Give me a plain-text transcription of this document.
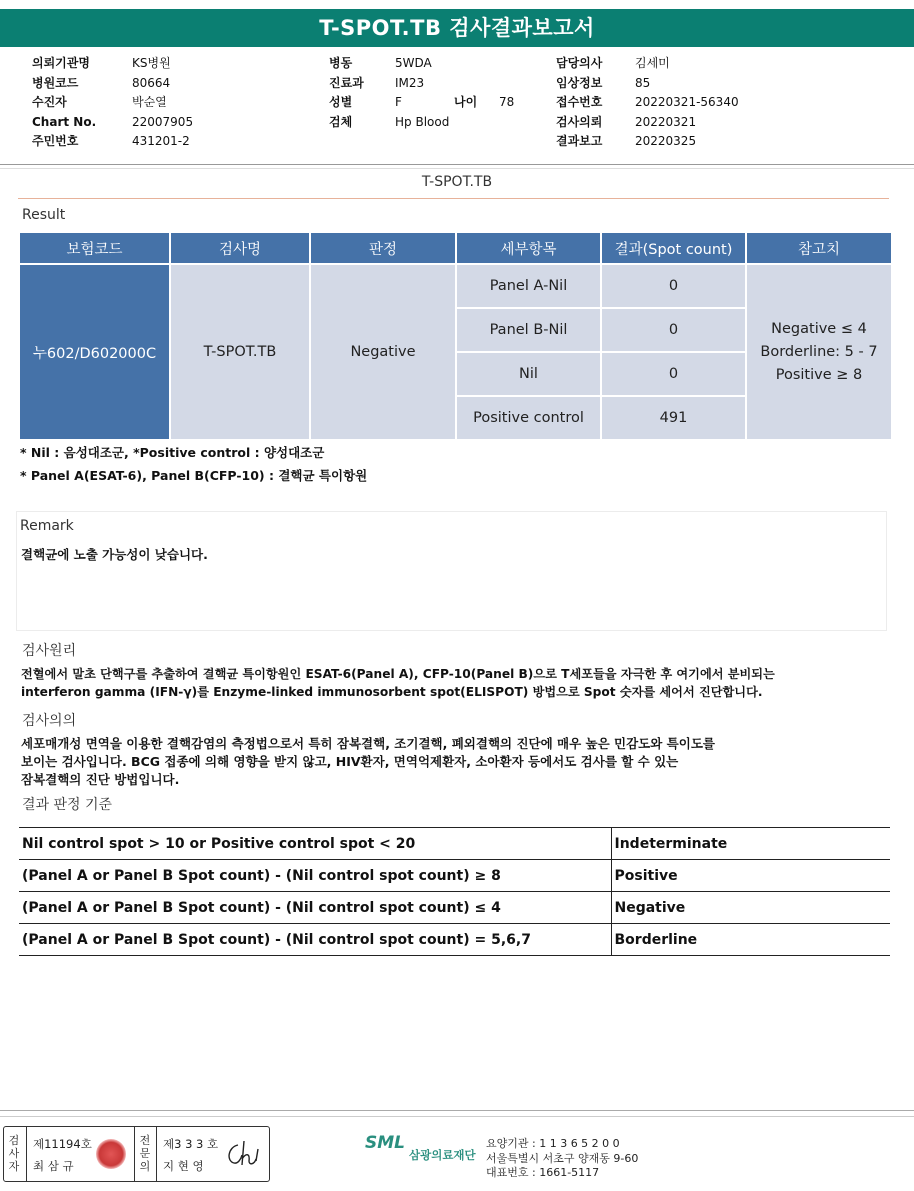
T-SPOT.TB 검사결과보고서
의뢰기관명	KS병원
병원코드	80664
수진자	박순열
Chart No.	22007905
주민번호	431201-2
병동	5WDA
진료과	IM23
성별	F	나이	78
검체	Hp Blood
담당의사	김세미
임상정보	85
접수번호	20220321-56340
검사의뢰	20220321
결과보고	20220325
T-SPOT.TB
Result
보험코드	검사명	판정	세부항목	결과(Spot count)	참고치
누602/D602000C	T-SPOT.TB	Negative	Panel A-Nil	0	Negative ≤ 4
Borderline: 5 - 7
Positive ≥ 8

			Panel B-Nil	0	
			Nil	0	
			Positive control	491	
* Nil : 음성대조군, *Positive control : 양성대조군
* Panel A(ESAT-6), Panel B(CFP-10) : 결핵균 특이항원
Remark
결핵균에 노출 가능성이 낮습니다.
검사원리
전혈에서 말초 단핵구를 추출하여 결핵균 특이항원인 ESAT-6(Panel A), CFP-10(Panel B)으로 T세포들을 자극한 후 여기에서 분비되는
interferon gamma (IFN-γ)를 Enzyme-linked immunosorbent spot(ELISPOT) 방법으로 Spot 숫자를 세어서 진단합니다.
검사의의
세포매개성 면역을 이용한 결핵감염의 측정법으로서 특히 잠복결핵, 조기결핵, 폐외결핵의 진단에 매우 높은 민감도와 특이도를
보이는 검사입니다. BCG 접종에 의해 영향을 받지 않고, HIV환자, 면역억제환자, 소아환자 등에서도 검사를 할 수 있는
잠복결핵의 진단 방법입니다.
결과 판정 기준
Nil control spot > 10 or Positive control spot < 20	Indeterminate
(Panel A or Panel B Spot count) - (Nil control spot count) ≥ 8	Positive
(Panel A or Panel B Spot count) - (Nil control spot count) ≤ 4	Negative
(Panel A or Panel B Spot count) - (Nil control spot count) = 5,6,7	Borderline
검
사
자
제11194호
최 삼 규
전
문
의
제3 3 3 호
지 현 영
SML
삼광의료재단
요양기관 : 1 1 3 6 5 2 0 0
서울특별시 서초구 양재동 9-60
대표번호 : 1661-5117
